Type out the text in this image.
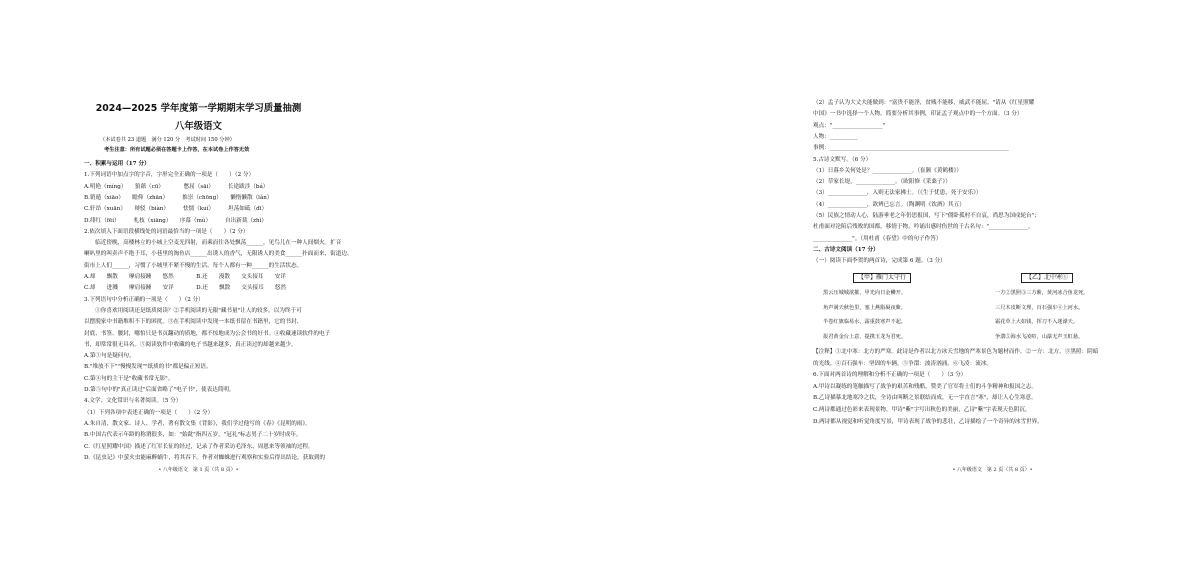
2024—2025 学年度第一学期期末学习质量抽测
八年级语文
（本试卷共 23 道题　满分 120 分　考试时间 150 分钟）
考生注意：所有试题必须在答题卡上作答，在本试卷上作答无效
一、积累与运用（17 分）
1.下列词语中加点字的字音，字形完全正确的一项是（　　）（2 分）
A.明艳（míng）　　狼藉（cū）　　　　憋屈（sāi）　　　长途跋涉（bá）
B.销遁（xiāo）　　瞻仰（zhān）　　　推崇（chōng）　　懒惰懒散（lǎn）
C.轩昂（xuān）　　辩驳（biàn）　　　怯懦（kuí）　　　坦荡如砥（dī）
D.绯红（fēi）　　　札枝（xiāng）　　序幕（mù）　　　自出新裁（zhì）
2.依次填入下面语段横线处的词语最恰当的一项是（　　）（2 分）
　　临近傍晚，高楼林立的小城上空麦光四射，而乘而往各处飘荡______，见鸟儿在一种人间烟火。扩音
喇叭里的叫卖声不绝于耳，小巷里的淘鱼店______出诱人的香气，无限诱人的美食______扑面而来，街道边、
街市上人们______，习惯了小城里不紧不慢的生活，每个人都有一种______的生活状态。
A.却　　飘散　　摩肩接踵　　悠然　　　　B.还　　漫散　　交头接耳　　安详
C.却　　进溅　　摩肩接踵　　安详　　　　D.还　　飘散　　交头接耳　　悠然
3.下列语句中分析正确的一项是（　　）（2 分）
　　①你喜欢用阅读还是纸质阅读？②手机阅读的无限"藏书量"让人的较多，以为终于可
以摆脱家中书籍堆积不下的困扰。③在手机阅读中发现一本纸书留在书籍里，它的书封、
封底、书签、腰封，哪怕只是书页翻动的质地，都不惊地成为公会书的好书。④收藏速读软件的电子
书，却常常很无具名。⑤阅读软件中收藏的电子书越来越多，真正读过的却越来越少。
A.第①句是疑问句。
B."堆放不下""慢慢发现""纸质的书"都是偏正短语。
C.第④句的主干是"收藏书常无影"。
D.第⑤句中的"真正读过"后面省略了"电子书"，使表达简明。
4.文学、文化常识与名著阅读。（5 分）
（1）下列各项中表述正确的一项是（　　）（2 分）
A.朱自清，散文家、诗人、学者，著有散文集《背影》，我们学过他写的《春》《昆明的雨》。
B.中国古代表示年龄的称谓很多，如："始龀"指四五岁，"冠礼"标志男子二十岁时成年。
C.《红星照耀中国》描述了红军长征的经过，记录了作者采访毛泽东、周恩来等领袖的过程。
D.《昆虫记》中萤火虫能麻醉蜗牛，将其吞下。作者对蜘蛛进行观察和实验后得出结论，获取到的
• 八年级语文　第 1 页（共 8 页）•
（2）孟子认为大丈夫能做到："富贵不能淫，贫贱不能移，威武不能屈。"请从《红星照耀
中国》一书中选择一个人物，简要分析其事例，印证孟子观点中的一个方面。（3 分）
观点："__________________"
人物：__________
事例：________________________________________________________________
5.古诗文默写。（6 分）
（1）日暮乡关何处是？______________。（崔颢《黄鹤楼》）
（2）草家长堤，______________。（欧阳修《采桑子》）
（3）______________，入则无法家拂士。（《生于忧患，死于安乐》）
（4）______________，欲辨已忘言。（陶渊明《饮酒》其五）
（5）民族之情动人心，陆游垂老之年仍思报国，写下"僵卧孤村不自哀，尚思为国戍轮台"；
杜甫面对沦陷后残败的国都，移情于物，吟诵出感时伤世的千古名句："______________，
______________"。（用杜甫《春望》中的句子作答）
二、古诗文阅读（17 分）
（一）阅读下面李贺的两首诗，完成第 6 题。（3 分）
【甲】雁门太守行	【乙】北中寒①
黑云压城城欲摧，甲光向日金鳞开。
角声满天秋色里，塞上燕脂凝夜紫。
半卷红旗临易水，霜重鼓寒声不起。
报君黄金台上意，提携玉龙为君死。
一方②黑照③三方紫，黄河冰合鱼龙死。
三尺木皮断文理，百石强车④上河水。
霜花草上大如钱，挥刀不入迷濛天。
争澴⑤海水飞凌喧，山瀑无声玉虹悬。
【注释】①北中寒：北方的严寒。此诗是作者以北方冰天雪地的严寒景色为题材而作。②一方：北方。③黑照：阴暗
的光线。④百石强车：坚固的车辆。⑤争澴：波涛汹涌。⑥飞凌：流冰。
6.下面对两首诗的理解和分析不正确的一项是（　　）（3 分）
A.甲诗以凝练的笔触描写了战争的艰苦和残酷，赞美了官军将士们的斗争精神和报国之志。
B.乙诗描摹北地寒冷之状，全诗由叫断之景联结而成，无一字直言"寒"，却让人心生寒意。
C.两诗都通过色彩来表现景物，甲诗"紫"字写出秋色的美丽，乙诗"紫"字表现天色阴沉。
D.两诗都从视觉和听觉角度写景，甲诗表现了战争的悲壮，乙诗描绘了一个奇异的冰雪世界。
• 八年级语文　第 2 页（共 8 页）•
